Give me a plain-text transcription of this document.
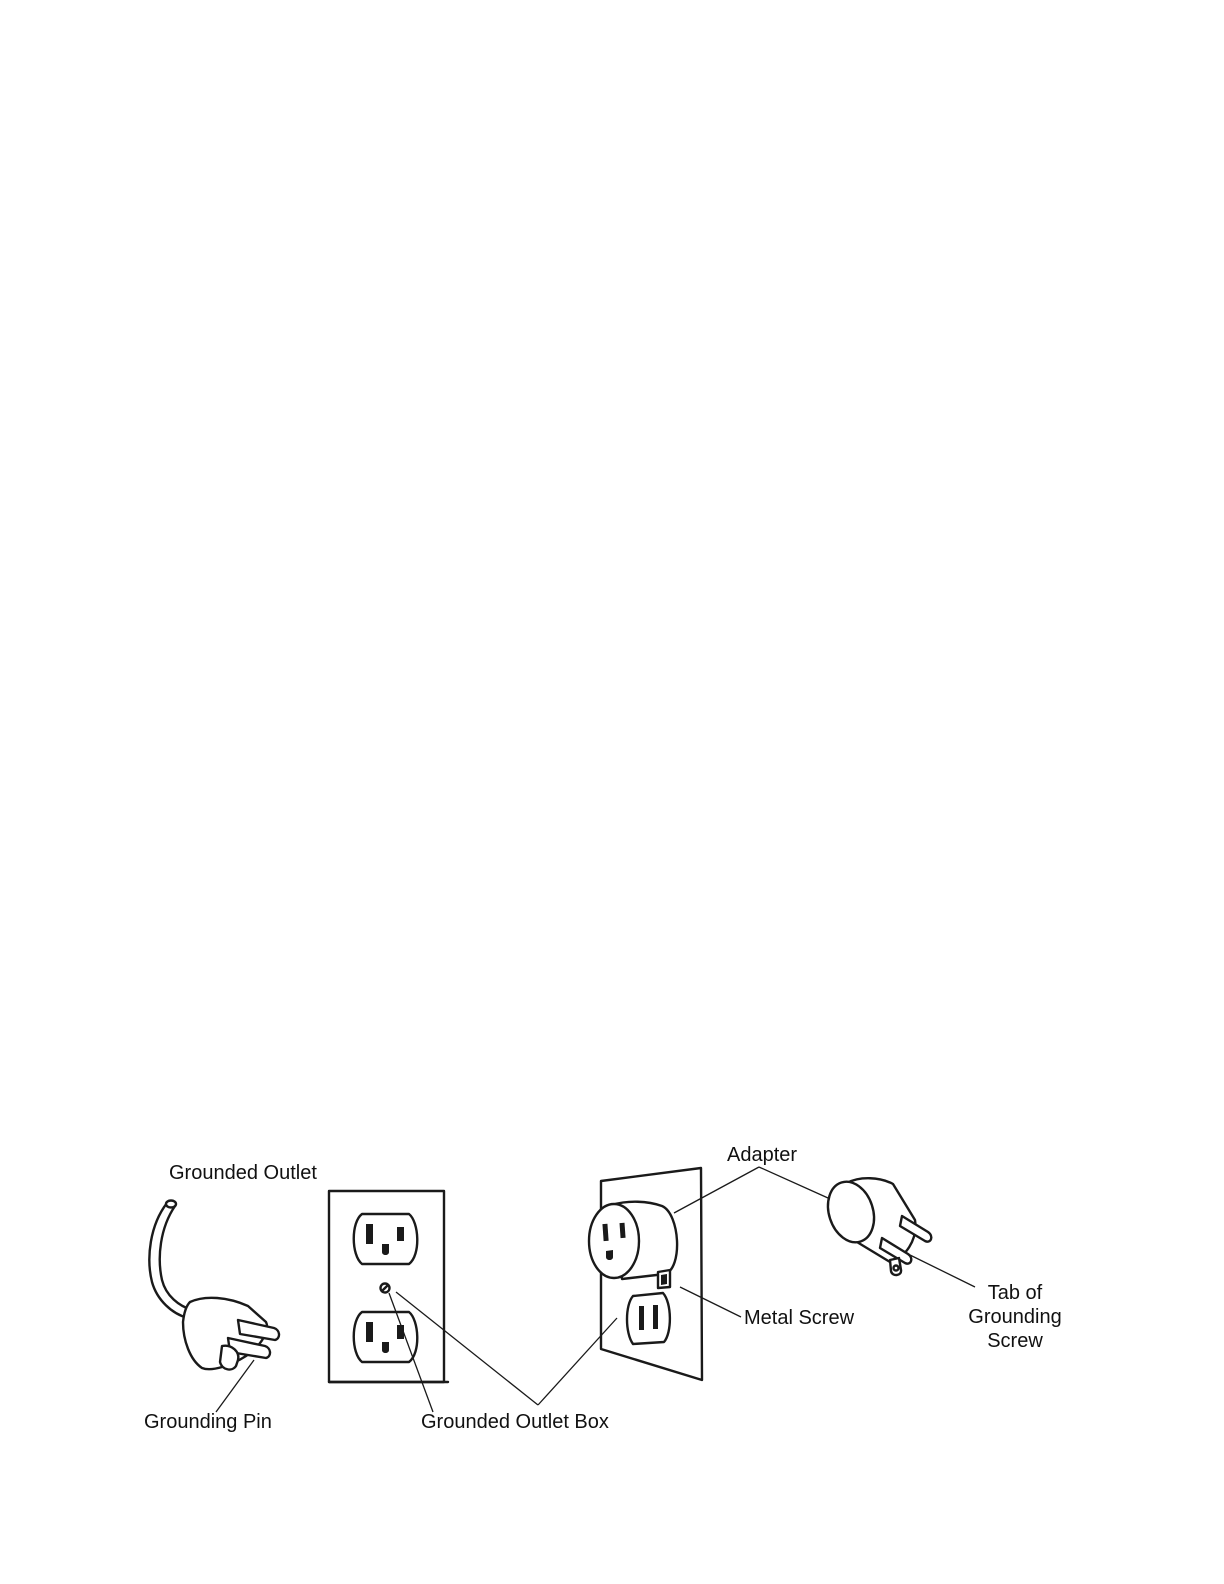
Grounded Outlet
Grounding Pin	Grounded Outlet Box
Adapter
Metal Screw
Tab of
Grounding
Screw
